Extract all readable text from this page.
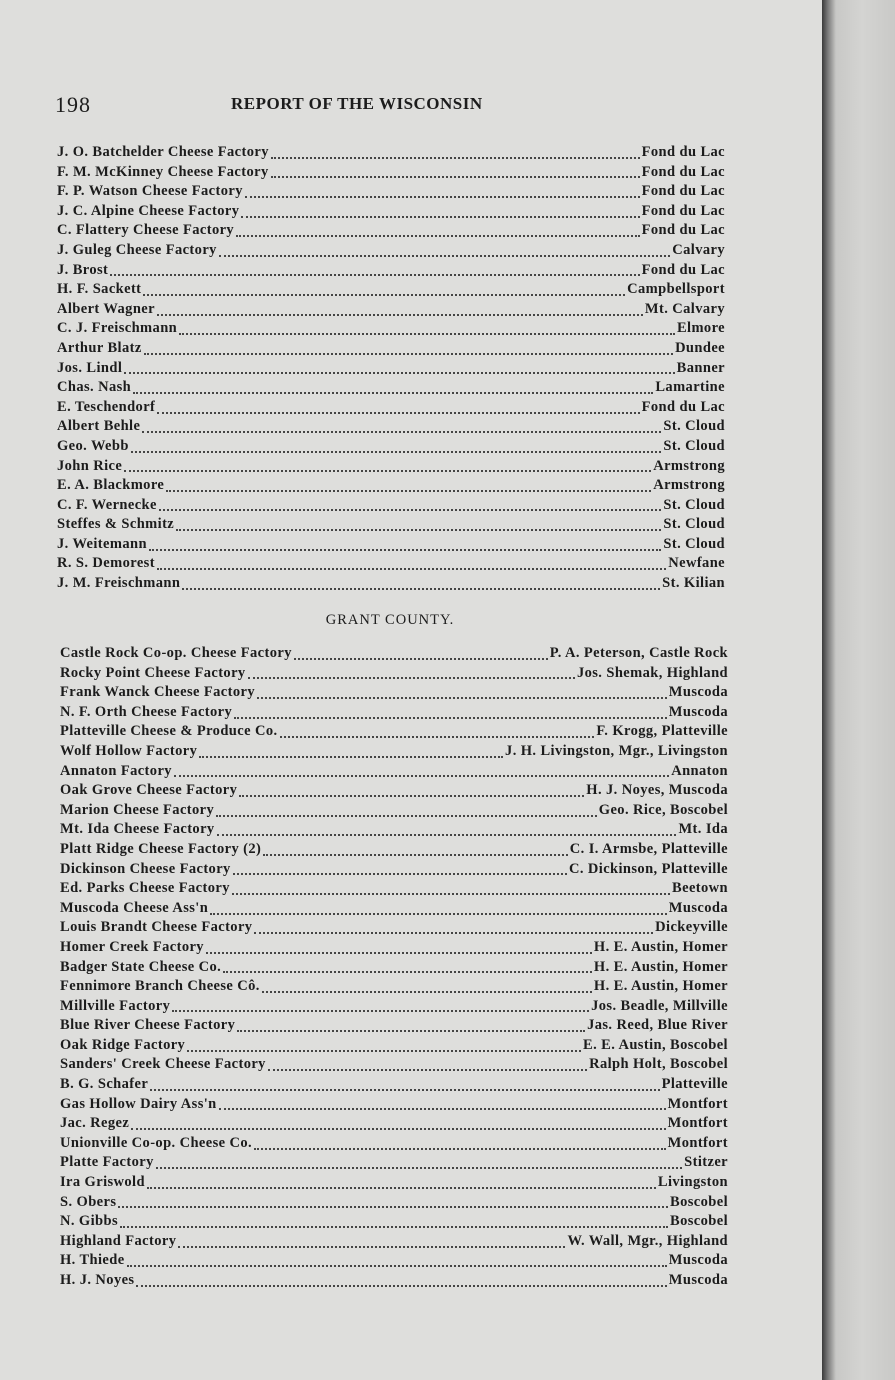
198	REPORT OF THE WISCONSIN
J. O. Batchelder Cheese Factory	Fond du Lac
F. M. McKinney Cheese Factory	Fond du Lac
F. P. Watson Cheese Factory	Fond du Lac
J. C. Alpine Cheese Factory	Fond du Lac
C. Flattery Cheese Factory	Fond du Lac
J. Guleg Cheese Factory	Calvary
J. Brost	Fond du Lac
H. F. Sackett	Campbellsport
Albert Wagner	Mt. Calvary
C. J. Freischmann	Elmore
Arthur Blatz	Dundee
Jos. Lindl	Banner
Chas. Nash	Lamartine
E. Teschendorf	Fond du Lac
Albert Behle	St. Cloud
Geo. Webb	St. Cloud
John Rice	Armstrong
E. A. Blackmore	Armstrong
C. F. Wernecke	St. Cloud
Steffes & Schmitz	St. Cloud
J. Weitemann	St. Cloud
R. S. Demorest	Newfane
J. M. Freischmann	St. Kilian
GRANT COUNTY.
Castle Rock Co-op. Cheese Factory	P. A. Peterson, Castle Rock
Rocky Point Cheese Factory	Jos. Shemak, Highland
Frank Wanck Cheese Factory	Muscoda
N. F. Orth Cheese Factory	Muscoda
Platteville Cheese & Produce Co.	F. Krogg, Platteville
Wolf Hollow Factory	J. H. Livingston, Mgr., Livingston
Annaton Factory	Annaton
Oak Grove Cheese Factory	H. J. Noyes, Muscoda
Marion Cheese Factory	Geo. Rice, Boscobel
Mt. Ida Cheese Factory	Mt. Ida
Platt Ridge Cheese Factory (2)	C. I. Armsbe, Platteville
Dickinson Cheese Factory	C. Dickinson, Platteville
Ed. Parks Cheese Factory	Beetown
Muscoda Cheese Ass'n	Muscoda
Louis Brandt Cheese Factory	Dickeyville
Homer Creek Factory	H. E. Austin, Homer
Badger State Cheese Co.	H. E. Austin, Homer
Fennimore Branch Cheese Cô.	H. E. Austin, Homer
Millville Factory	Jos. Beadle, Millville
Blue River Cheese Factory	Jas. Reed, Blue River
Oak Ridge Factory	E. E. Austin, Boscobel
Sanders' Creek Cheese Factory	Ralph Holt, Boscobel
B. G. Schafer	Platteville
Gas Hollow Dairy Ass'n	Montfort
Jac. Regez	Montfort
Unionville Co-op. Cheese Co.	Montfort
Platte Factory	Stitzer
Ira Griswold	Livingston
S. Obers	Boscobel
N. Gibbs	Boscobel
Highland Factory	W. Wall, Mgr., Highland
H. Thiede	Muscoda
H. J. Noyes	Muscoda
